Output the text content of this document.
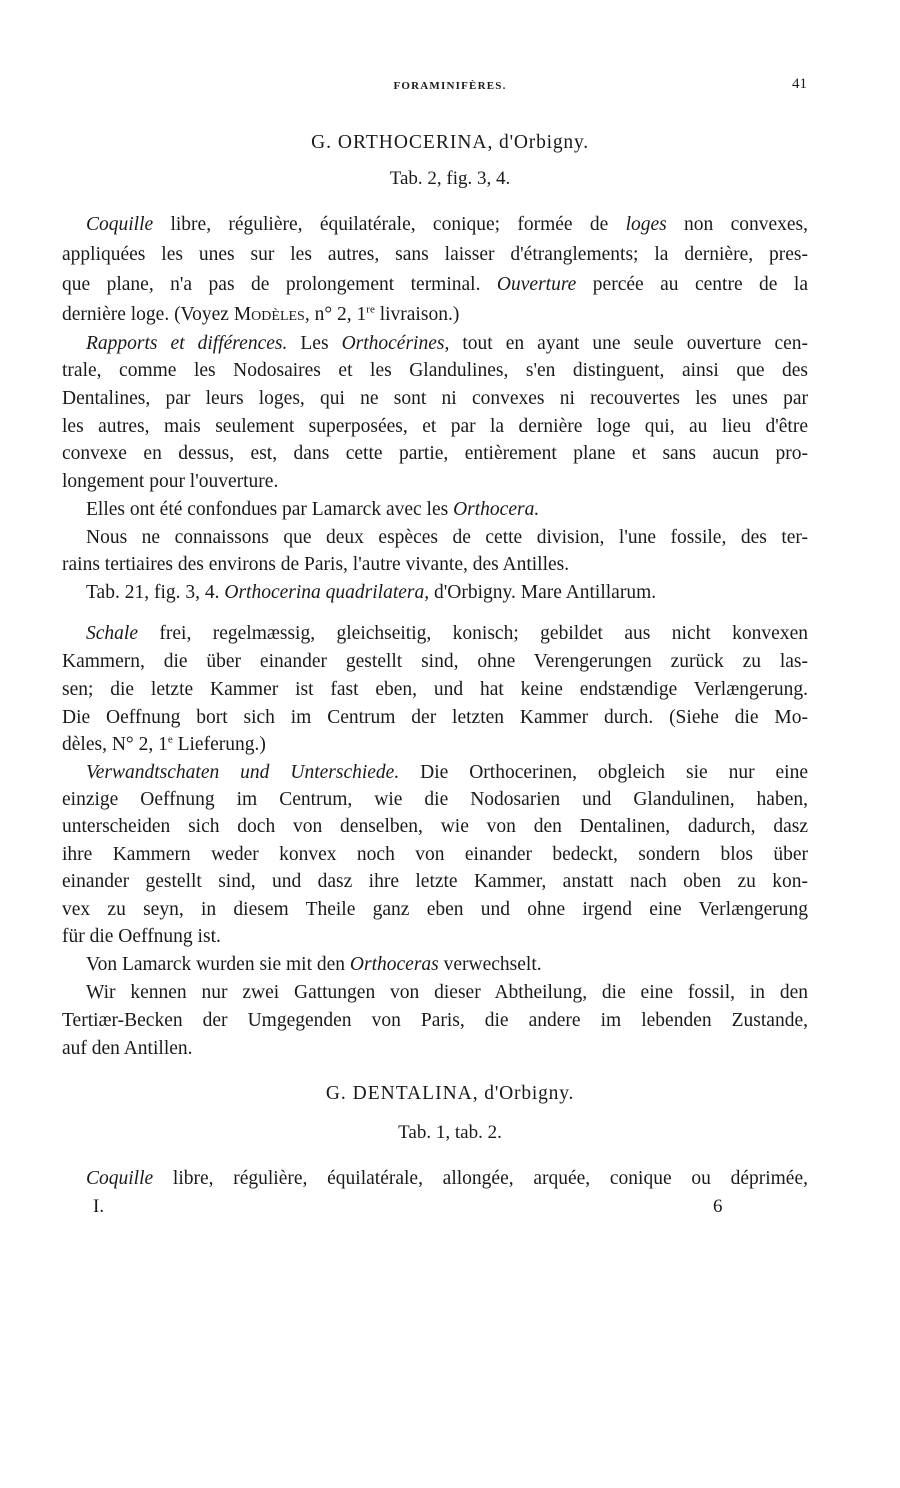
FORAMINIFÈRES.	41
G. ORTHOCERINA, d'Orbigny.
Tab. 2, fig. 3, 4.
Coquille libre, régulière, équilatérale, conique; formée de loges non convexes,
appliquées les unes sur les autres, sans laisser d'étranglements; la dernière, pres-
que plane, n'a pas de prolongement terminal. Ouverture percée au centre de la
dernière loge. (Voyez Modèles, n° 2, 1re livraison.)
Rapports et différences. Les Orthocérines, tout en ayant une seule ouverture cen-
trale, comme les Nodosaires et les Glandulines, s'en distinguent, ainsi que des
Dentalines, par leurs loges, qui ne sont ni convexes ni recouvertes les unes par
les autres, mais seulement superposées, et par la dernière loge qui, au lieu d'être
convexe en dessus, est, dans cette partie, entièrement plane et sans aucun pro-
longement pour l'ouverture.
Elles ont été confondues par Lamarck avec les Orthocera.
Nous ne connaissons que deux espèces de cette division, l'une fossile, des ter-
rains tertiaires des environs de Paris, l'autre vivante, des Antilles.
Tab. 21, fig. 3, 4. Orthocerina quadrilatera, d'Orbigny. Mare Antillarum.
Schale frei, regelmæssig, gleichseitig, konisch; gebildet aus nicht konvexen
Kammern, die über einander gestellt sind, ohne Verengerungen zurück zu las-
sen; die letzte Kammer ist fast eben, und hat keine endstændige Verlængerung.
Die Oeffnung bort sich im Centrum der letzten Kammer durch. (Siehe die Mo-
dèles, N° 2, 1e Lieferung.)
Verwandtschaten und Unterschiede. Die Orthocerinen, obgleich sie nur eine
einzige Oeffnung im Centrum, wie die Nodosarien und Glandulinen, haben,
unterscheiden sich doch von denselben, wie von den Dentalinen, dadurch, dasz
ihre Kammern weder konvex noch von einander bedeckt, sondern blos über
einander gestellt sind, und dasz ihre letzte Kammer, anstatt nach oben zu kon-
vex zu seyn, in diesem Theile ganz eben und ohne irgend eine Verlængerung
für die Oeffnung ist.
Von Lamarck wurden sie mit den Orthoceras verwechselt.
Wir kennen nur zwei Gattungen von dieser Abtheilung, die eine fossil, in den
Tertiær-Becken der Umgegenden von Paris, die andere im lebenden Zustande,
auf den Antillen.
G. DENTALINA, d'Orbigny.
Tab. 1, tab. 2.
Coquille libre, régulière, équilatérale, allongée, arquée, conique ou déprimée,
I.	6
